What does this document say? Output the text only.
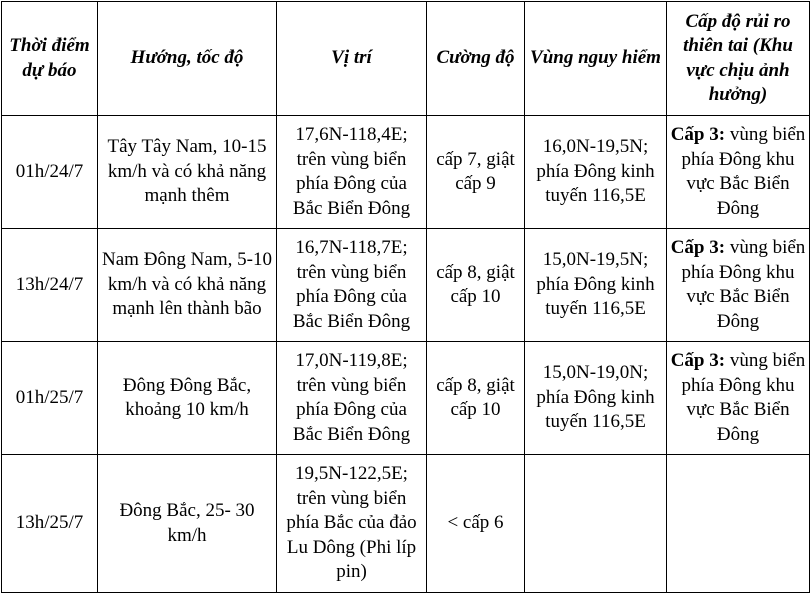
Thời điểm dự báo	Hướng, tốc độ	Vị trí	Cường độ	Vùng nguy hiểm	Cấp độ rủi ro thiên tai (Khu vực chịu ảnh hưởng)
01h/24/7	Tây Tây Nam, 10-15 km/h và có khả năng mạnh thêm	17,6N-118,4E; trên vùng biển phía Đông của Bắc Biển Đông	cấp 7, giật cấp 9	16,0N-19,5N; phía Đông kinh tuyến 116,5E	Cấp 3: vùng biển phía Đông khu vực Bắc Biển Đông
13h/24/7	Nam Đông Nam, 5-10 km/h và có khả năng mạnh lên thành bão	16,7N-118,7E; trên vùng biển phía Đông của Bắc Biển Đông	cấp 8, giật cấp 10	15,0N-19,5N; phía Đông kinh tuyến 116,5E	Cấp 3: vùng biển phía Đông khu vực Bắc Biển Đông
01h/25/7	Đông Đông Bắc, khoảng 10 km/h	17,0N-119,8E; trên vùng biển phía Đông của Bắc Biển Đông	cấp 8, giật cấp 10	15,0N-19,0N; phía Đông kinh tuyến 116,5E	Cấp 3: vùng biển phía Đông khu vực Bắc Biển Đông
13h/25/7	Đông Bắc, 25- 30 km/h	19,5N-122,5E; trên vùng biển phía Bắc của đảo Lu Dông (Phi líp pin)	< cấp 6		
